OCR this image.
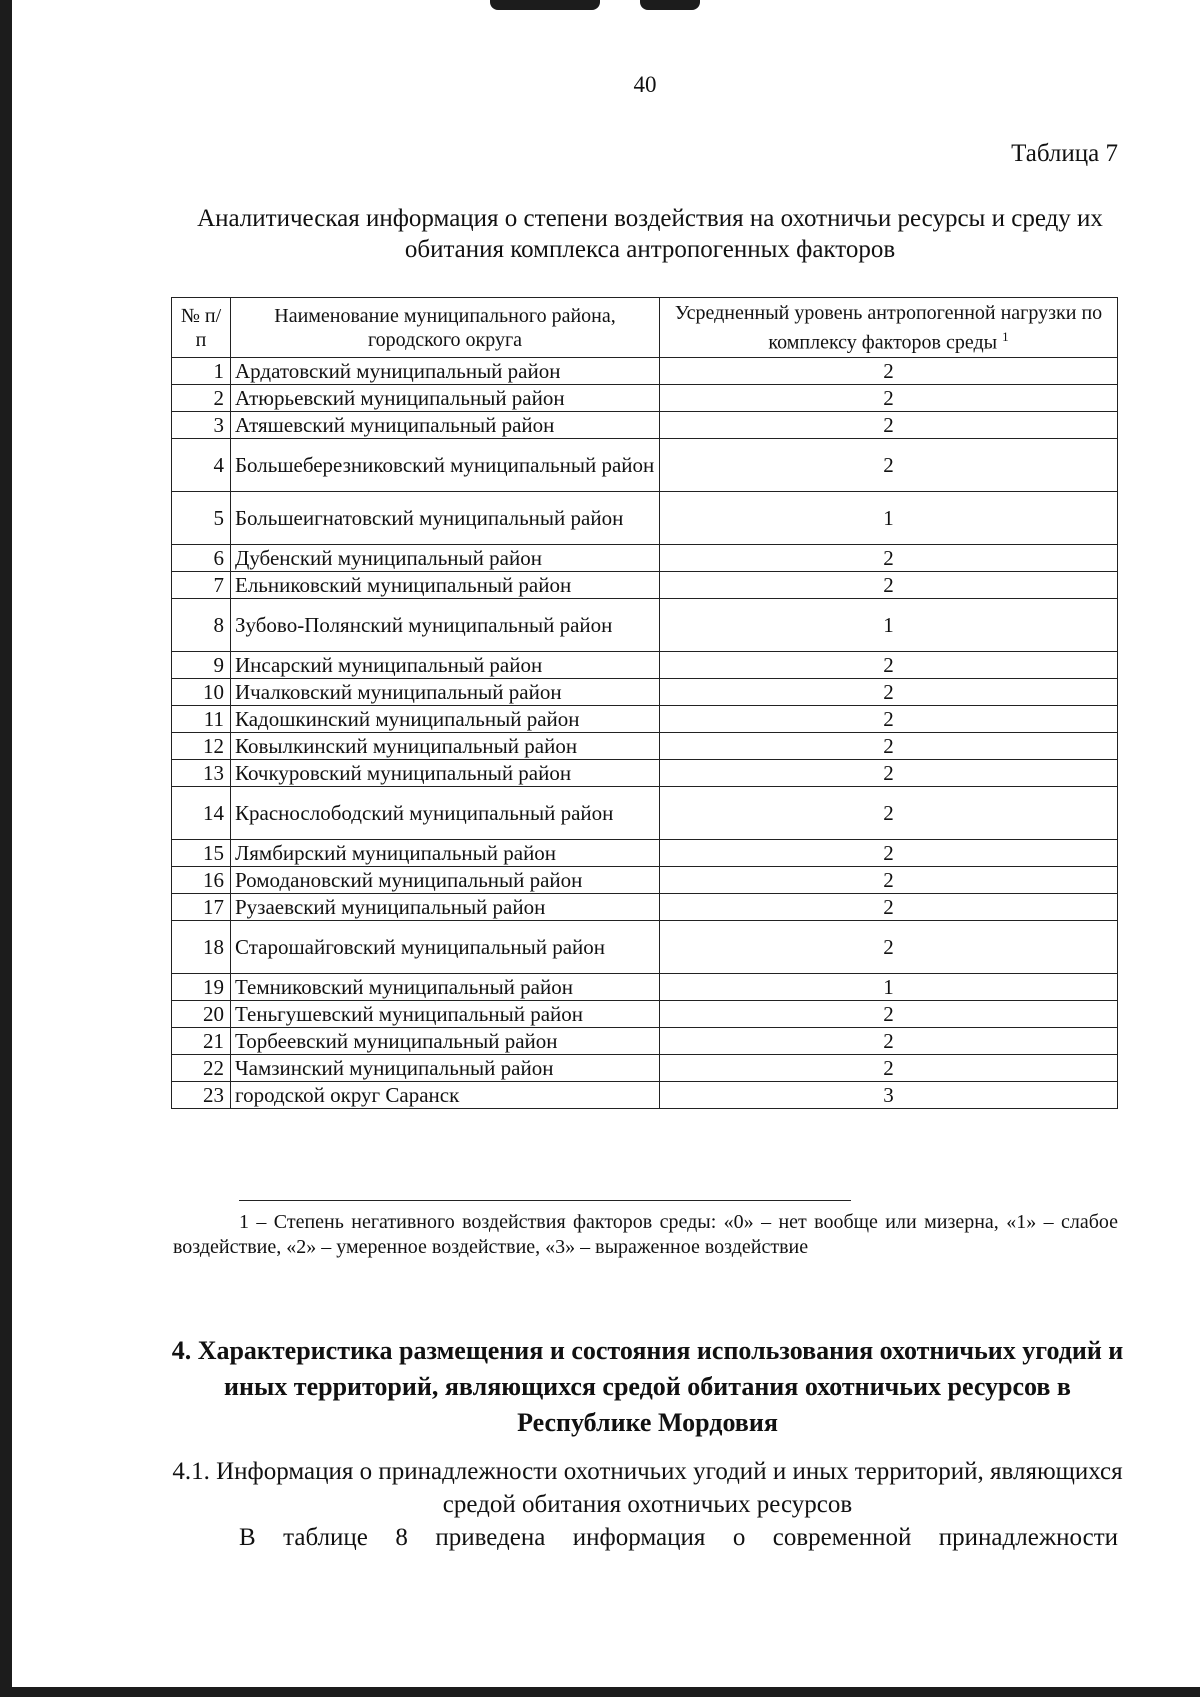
40
Таблица 7
Аналитическая информация о степени воздействия на охотничьи ресурсы и среду их обитания комплекса антропогенных факторов
№ п/п	Наименование муниципального района, городского округа	Усредненный уровень антропогенной нагрузки по комплексу факторов среды $^1$
1	Ардатовский муниципальный район	2
2	Атюрьевский муниципальный район	2
3	Атяшевский муниципальный район	2
4	Большеберезниковский муниципальный район	2
5	Большеигнатовский муниципальный район	1
6	Дубенский муниципальный район	2
7	Ельниковский муниципальный район	2
8	Зубово-Полянский муниципальный район	1
9	Инсарский муниципальный район	2
10	Ичалковский муниципальный район	2
11	Кадошкинский муниципальный район	2
12	Ковылкинский муниципальный район	2
13	Кочкуровский муниципальный район	2
14	Краснослободский муниципальный район	2
15	Лямбирский муниципальный район	2
16	Ромодановский муниципальный район	2
17	Рузаевский муниципальный район	2
18	Старошайговский муниципальный район	2
19	Темниковский муниципальный район	1
20	Теньгушевский муниципальный район	2
21	Торбеевский муниципальный район	2
22	Чамзинский муниципальный район	2
23	городской округ Саранск	3
1 – Степень негативного воздействия факторов среды: «0» – нет вообще или мизерна, «1» – слабое воздействие, «2» – умеренное воздействие, «3» – выраженное воздействие
4. Характеристика размещения и состояния использования охотничьих угодий и иных территорий, являющихся средой обитания охотничьих ресурсов в Республике Мордовия
4.1. Информация о принадлежности охотничьих угодий и иных территорий, являющихся средой обитания охотничьих ресурсов
В таблице 8 приведена информация о современной принадлежности
